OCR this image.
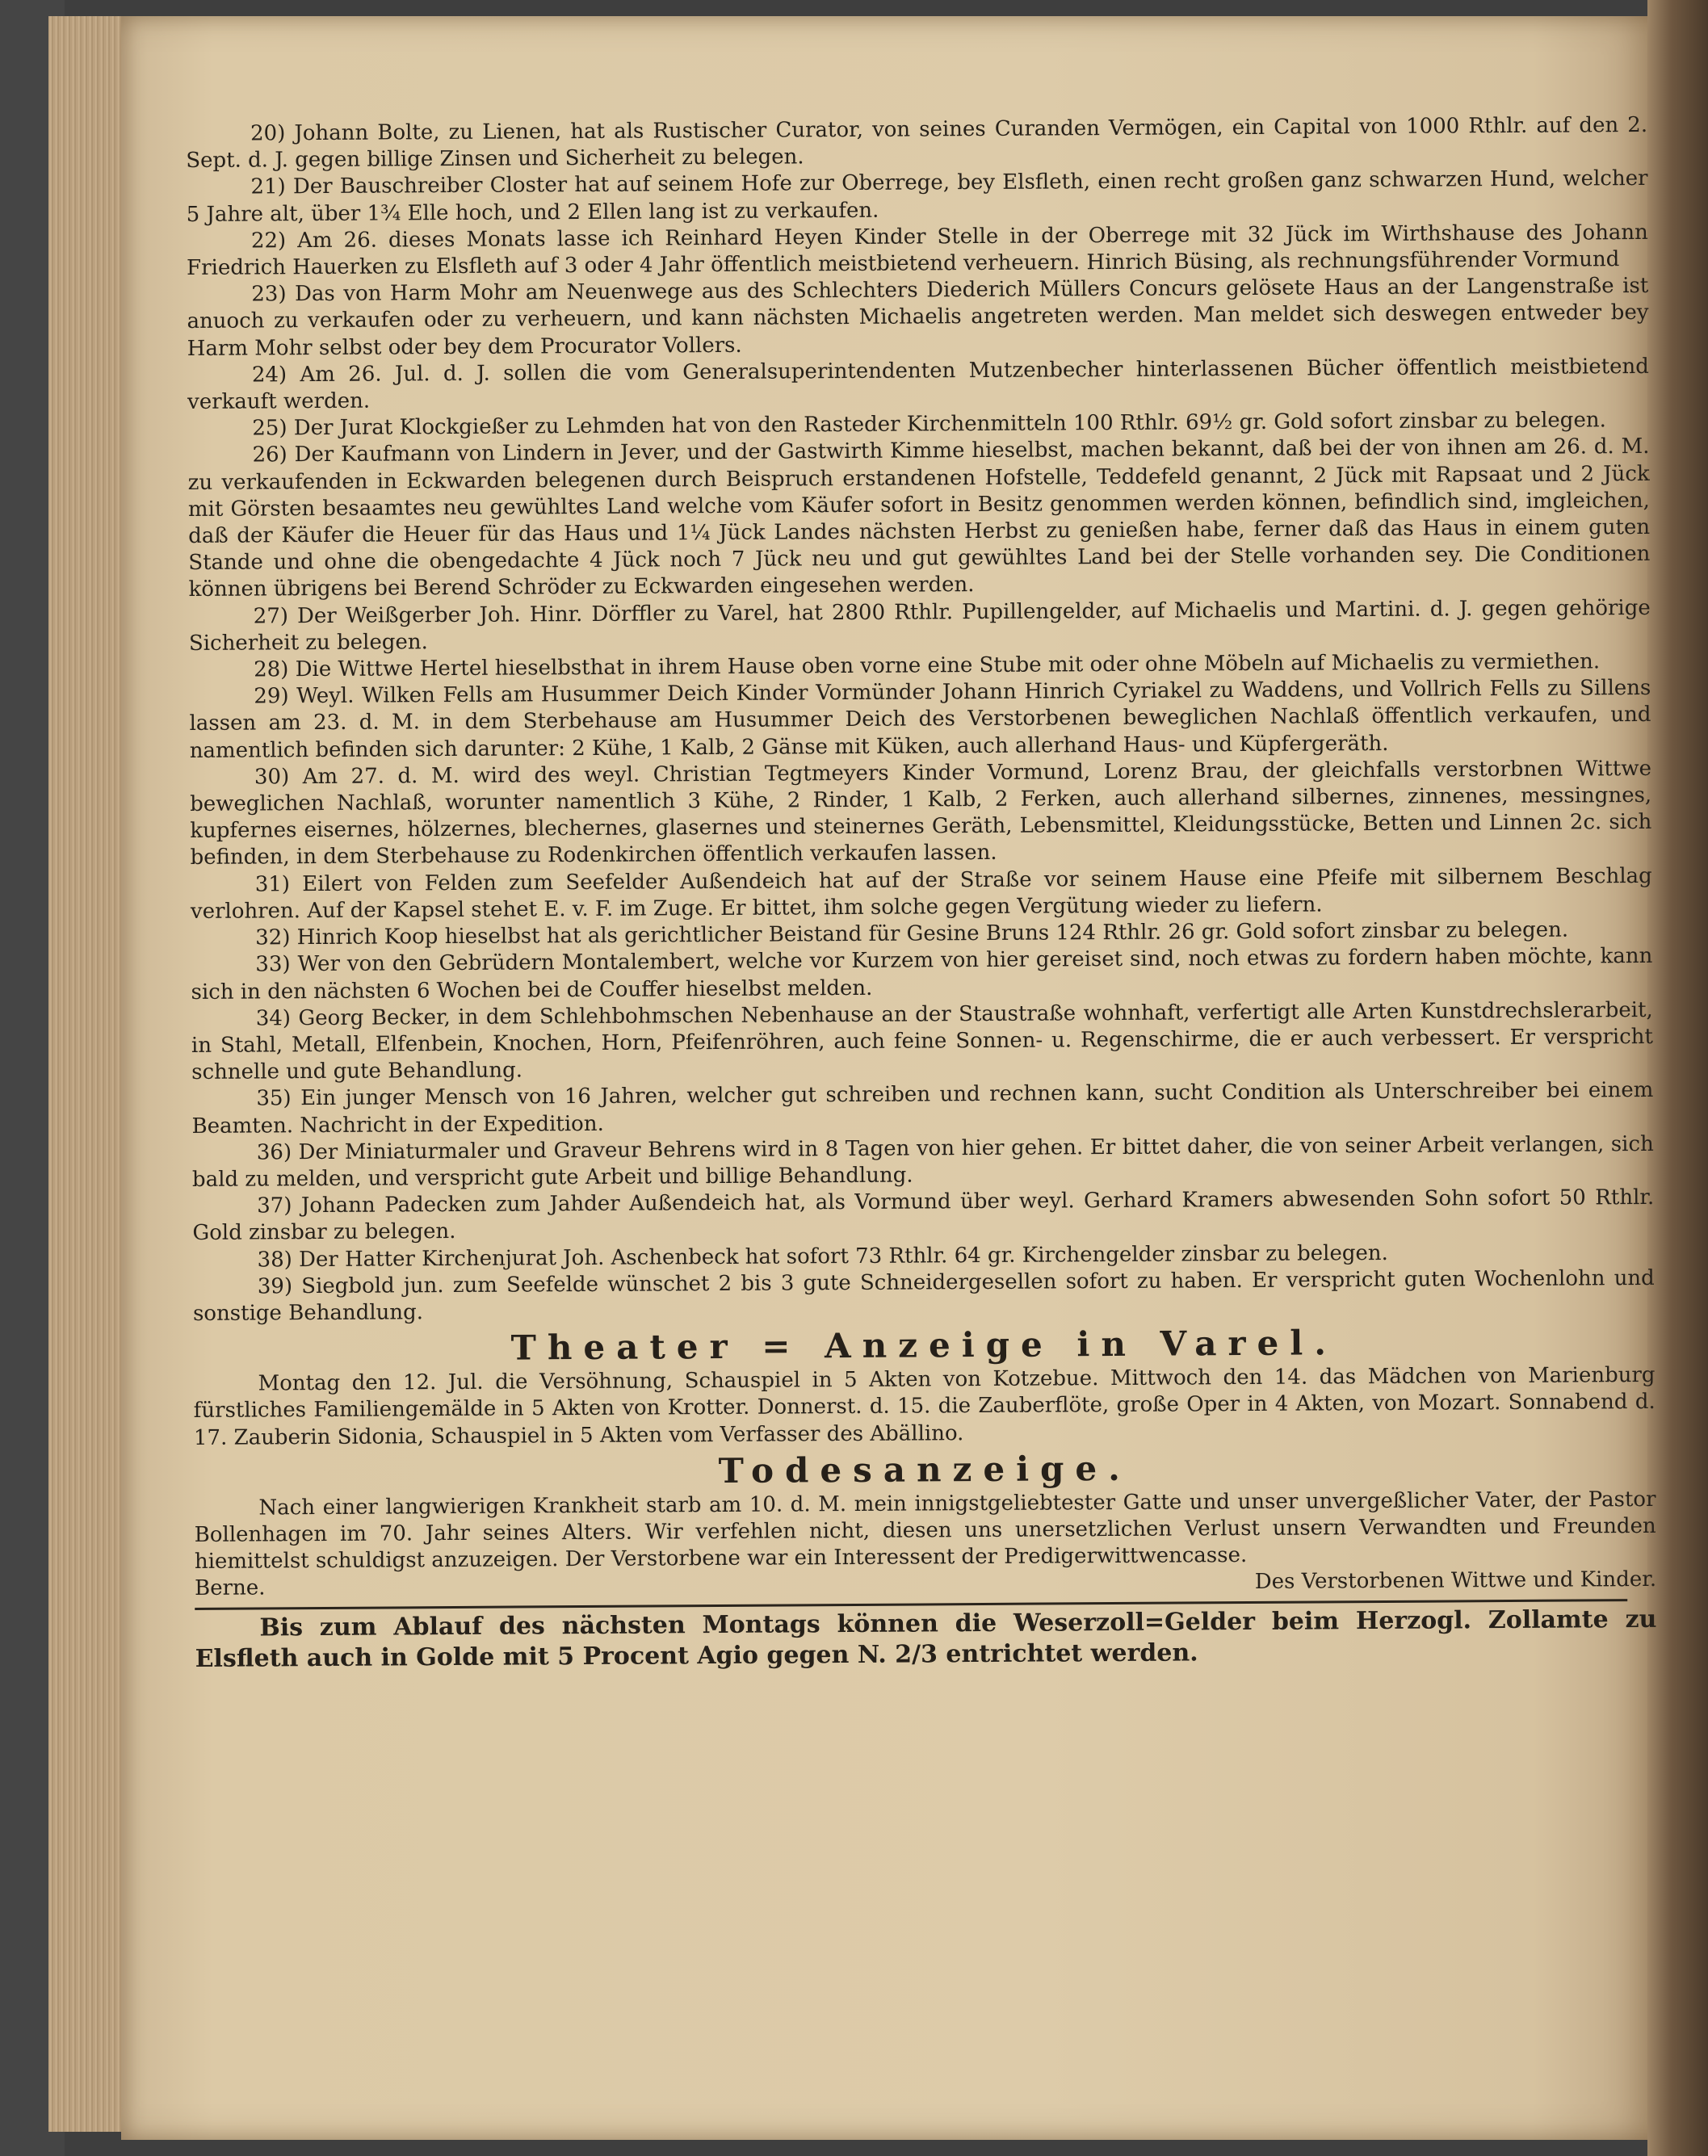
20) Johann Bolte, zu Lienen, hat als Rustischer Curator, von seines Curanden Vermögen, ein Capital von 1000 Rthlr. auf den 2. Sept. d. J. gegen billige Zinsen und Sicherheit zu belegen.

21) Der Bauschreiber Closter hat auf seinem Hofe zur Oberrege, bey Elsfleth, einen recht großen ganz schwarzen Hund, welcher 5 Jahre alt, über 1¾ Elle hoch, und 2 Ellen lang ist zu verkaufen.

22) Am 26. dieses Monats lasse ich Reinhard Heyen Kinder Stelle in der Oberrege mit 32 Jück im Wirthshause des Johann Friedrich Hauerken zu Elsfleth auf 3 oder 4 Jahr öffentlich meistbietend verheuern. Hinrich Büsing, als rechnungsführender Vormund

23) Das von Harm Mohr am Neuenwege aus des Schlechters Diederich Müllers Concurs gelösete Haus an der Langenstraße ist anuoch zu verkaufen oder zu verheuern, und kann nächsten Michaelis angetreten werden. Man meldet sich deswegen entweder bey Harm Mohr selbst oder bey dem Procurator Vollers.

24) Am 26. Jul. d. J. sollen die vom Generalsuperintendenten Mutzenbecher hinterlassenen Bücher öffentlich meistbietend verkauft werden.

25) Der Jurat Klockgießer zu Lehmden hat von den Rasteder Kirchenmitteln 100 Rthlr. 69½ gr. Gold sofort zinsbar zu belegen.

26) Der Kaufmann von Lindern in Jever, und der Gastwirth Kimme hieselbst, machen bekannt, daß bei der von ihnen am 26. d. M. zu verkaufenden in Eckwarden belegenen durch Beispruch erstandenen Hofstelle, Teddefeld genannt, 2 Jück mit Rapsaat und 2 Jück mit Görsten besaamtes neu gewühltes Land welche vom Käufer sofort in Besitz genommen werden können, befindlich sind, imgleichen, daß der Käufer die Heuer für das Haus und 1¼ Jück Landes nächsten Herbst zu genießen habe, ferner daß das Haus in einem guten Stande und ohne die obengedachte 4 Jück noch 7 Jück neu und gut gewühltes Land bei der Stelle vorhanden sey. Die Conditionen können übrigens bei Berend Schröder zu Eckwarden eingesehen werden.

27) Der Weißgerber Joh. Hinr. Dörffler zu Varel, hat 2800 Rthlr. Pupillengelder, auf Michaelis und Martini. d. J. gegen gehörige Sicherheit zu belegen.

28) Die Wittwe Hertel hieselbsthat in ihrem Hause oben vorne eine Stube mit oder ohne Möbeln auf Michaelis zu vermiethen.

29) Weyl. Wilken Fells am Husummer Deich Kinder Vormünder Johann Hinrich Cyriakel zu Waddens, und Vollrich Fells zu Sillens lassen am 23. d. M. in dem Sterbehause am Husummer Deich des Verstorbenen beweglichen Nachlaß öffentlich verkaufen, und namentlich befinden sich darunter: 2 Kühe, 1 Kalb, 2 Gänse mit Küken, auch allerhand Haus- und Küpfergeräth.

30) Am 27. d. M. wird des weyl. Christian Tegtmeyers Kinder Vormund, Lorenz Brau, der gleichfalls verstorbnen Wittwe beweglichen Nachlaß, worunter namentlich 3 Kühe, 2 Rinder, 1 Kalb, 2 Ferken, auch allerhand silbernes, zinnenes, messingnes, kupfernes eisernes, hölzernes, blechernes, glasernes und steinernes Geräth, Lebensmittel, Kleidungsstücke, Betten und Linnen 2c. sich befinden, in dem Sterbehause zu Rodenkirchen öffentlich verkaufen lassen.

31) Eilert von Felden zum Seefelder Außendeich hat auf der Straße vor seinem Hause eine Pfeife mit silbernem Beschlag verlohren. Auf der Kapsel stehet E. v. F. im Zuge. Er bittet, ihm solche gegen Vergütung wieder zu liefern.

32) Hinrich Koop hieselbst hat als gerichtlicher Beistand für Gesine Bruns 124 Rthlr. 26 gr. Gold sofort zinsbar zu belegen.

33) Wer von den Gebrüdern Montalembert, welche vor Kurzem von hier gereiset sind, noch etwas zu fordern haben möchte, kann sich in den nächsten 6 Wochen bei de Couffer hieselbst melden.

34) Georg Becker, in dem Schlehbohmschen Nebenhause an der Staustraße wohnhaft, verfertigt alle Arten Kunstdrechslerarbeit, in Stahl, Metall, Elfenbein, Knochen, Horn, Pfeifenröhren, auch feine Sonnen- u. Regenschirme, die er auch verbessert. Er verspricht schnelle und gute Behandlung.

35) Ein junger Mensch von 16 Jahren, welcher gut schreiben und rechnen kann, sucht Condition als Unterschreiber bei einem Beamten. Nachricht in der Expedition.

36) Der Miniaturmaler und Graveur Behrens wird in 8 Tagen von hier gehen. Er bittet daher, die von seiner Arbeit verlangen, sich bald zu melden, und verspricht gute Arbeit und billige Behandlung.

37) Johann Padecken zum Jahder Außendeich hat, als Vormund über weyl. Gerhard Kramers abwesenden Sohn sofort 50 Rthlr. Gold zinsbar zu belegen.

38) Der Hatter Kirchenjurat Joh. Aschenbeck hat sofort 73 Rthlr. 64 gr. Kirchengelder zinsbar zu belegen.

39) Siegbold jun. zum Seefelde wünschet 2 bis 3 gute Schneidergesellen sofort zu haben. Er verspricht guten Wochenlohn und sonstige Behandlung.

Theater = Anzeige in Varel.

Montag den 12. Jul. die Versöhnung, Schauspiel in 5 Akten von Kotzebue. Mittwoch den 14. das Mädchen von Marienburg fürstliches Familiengemälde in 5 Akten von Krotter. Donnerst. d. 15. die Zauberflöte, große Oper in 4 Akten, von Mozart. Sonnabend d. 17. Zauberin Sidonia, Schauspiel in 5 Akten vom Verfasser des Abällino.

Todesanzeige.

Nach einer langwierigen Krankheit starb am 10. d. M. mein innigstgeliebtester Gatte und unser unvergeßlicher Vater, der Pastor Bollenhagen im 70. Jahr seines Alters. Wir verfehlen nicht, diesen uns unersetzlichen Verlust unsern Verwandten und Freunden hiemittelst schuldigst anzuzeigen. Der Verstorbene war ein Interessent der Predigerwittwencasse.

Berne.	Des Verstorbenen Wittwe und Kinder.

Bis zum Ablauf des nächsten Montags können die Weserzoll=Gelder beim Herzogl. Zollamte zu Elsfleth auch in Golde mit 5 Procent Agio gegen N. 2/3 entrichtet werden.
